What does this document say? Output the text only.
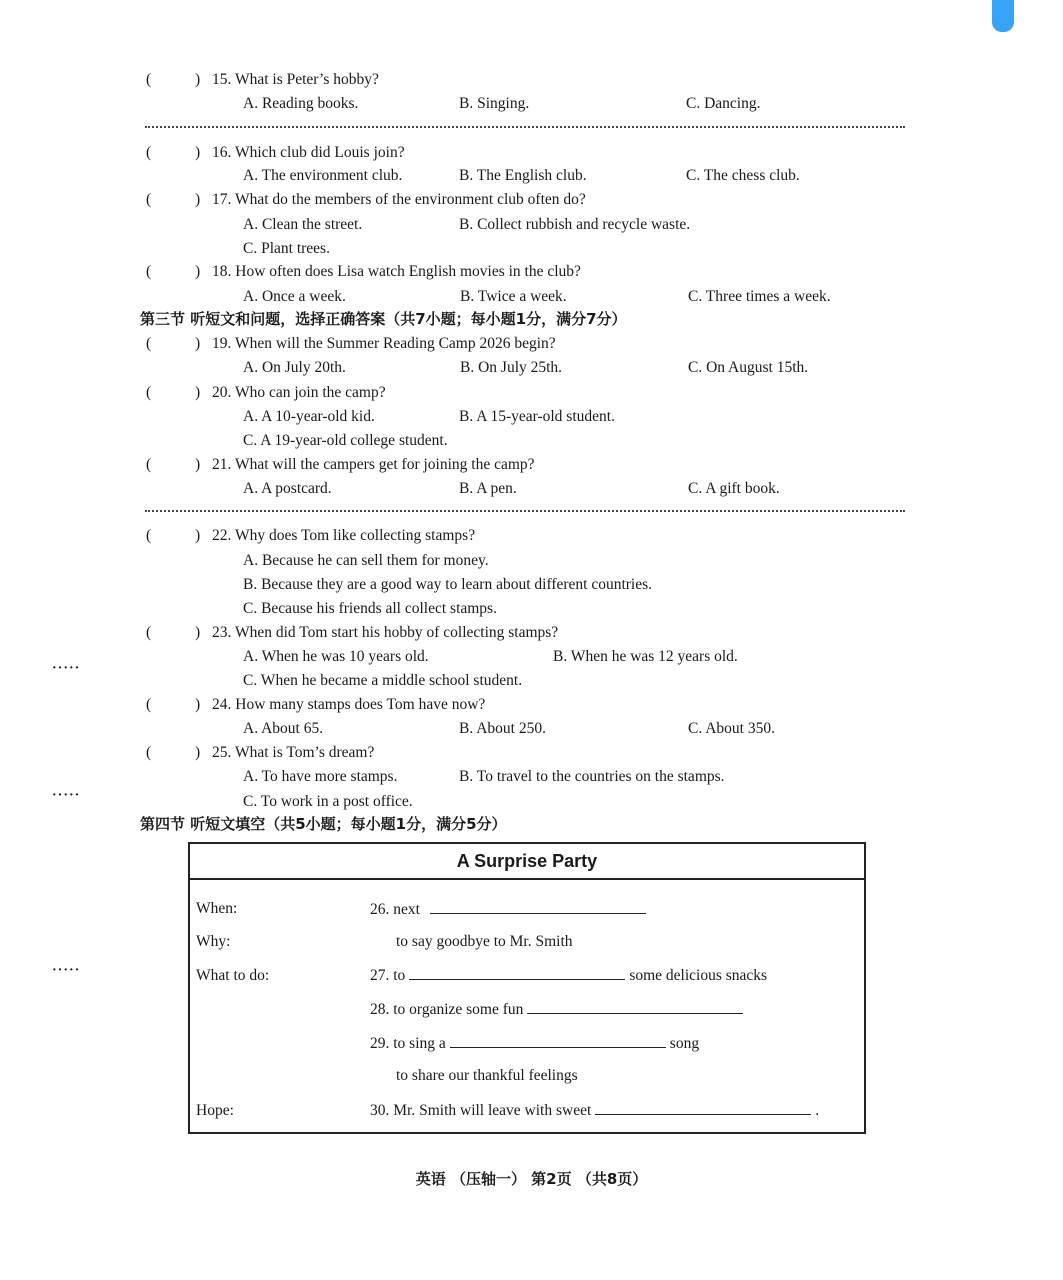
(	) 15. What is Peter’s hobby?
A. Reading books.	B. Singing.	C. Dancing.
(	) 16. Which club did Louis join?
A. The environment club.	B. The English club.	C. The chess club.
(	) 17. What do the members of the environment club often do?
A. Clean the street.	B. Collect rubbish and recycle waste.
C. Plant trees.
(	) 18. How often does Lisa watch English movies in the club?
A. Once a week.	B. Twice a week.	C. Three times a week.
第三节 听短文和问题，选择正确答案（共7小题；每小题1分，满分7分）
(	) 19. When will the Summer Reading Camp 2026 begin?
A. On July 20th.	B. On July 25th.	C. On August 15th.
(	) 20. Who can join the camp?
A. A 10-year-old kid.	B. A 15-year-old student.
C. A 19-year-old college student.
(	) 21. What will the campers get for joining the camp?
A. A postcard.	B. A pen.	C. A gift book.
(	) 22. Why does Tom like collecting stamps?
A. Because he can sell them for money.
B. Because they are a good way to learn about different countries.
C. Because his friends all collect stamps.
(	) 23. When did Tom start his hobby of collecting stamps?
A. When he was 10 years old.	B. When he was 12 years old.
C. When he became a middle school student.
(	) 24. How many stamps does Tom have now?
A. About 65.	B. About 250.	C. About 350.
(	) 25. What is Tom’s dream?
A. To have more stamps.	B. To travel to the countries on the stamps.
C. To work in a post office.
·····
·····
·····
第四节 听短文填空（共5小题；每小题1分，满分5分）
A Surprise Party
When:	26. next
Why:	to say goodbye to Mr. Smith
What to do:	27. to	some delicious snacks
28. to organize some fun
29. to sing a	song
to share our thankful feelings
Hope:	30. Mr. Smith will leave with sweet	.
英语 （压轴一） 第2页 （共8页）
